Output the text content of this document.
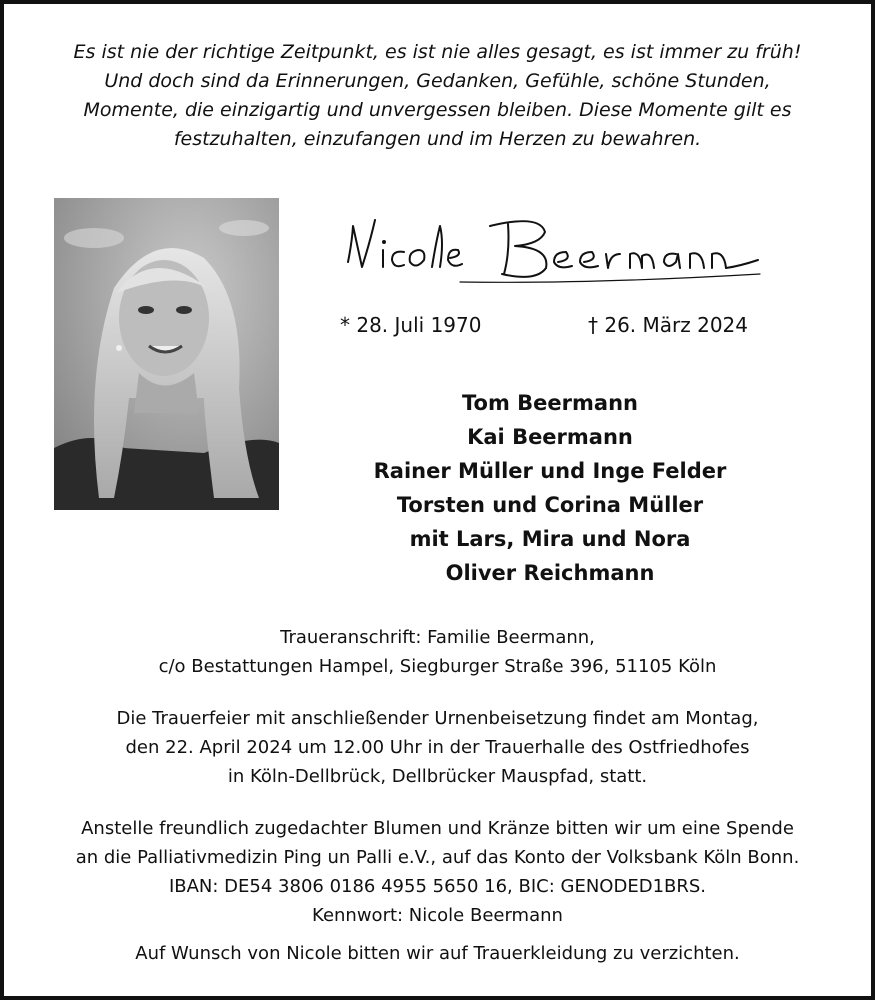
Es ist nie der richtige Zeitpunkt, es ist nie alles gesagt, es ist immer zu früh!
Und doch sind da Erinnerungen, Gedanken, Gefühle, schöne Stunden,
Momente, die einzigartig und unvergessen bleiben. Diese Momente gilt es
festzuhalten, einzufangen und im Herzen zu bewahren.
* 28. Juli 1970	† 26. März 2024
Tom Beermann
Kai Beermann
Rainer Müller und Inge Felder
Torsten und Corina Müller
mit Lars, Mira und Nora
Oliver Reichmann
Traueranschrift: Familie Beermann,
c/o Bestattungen Hampel, Siegburger Straße 396, 51105 Köln
Die Trauerfeier mit anschließender Urnenbeisetzung findet am Montag,
den 22. April 2024 um 12.00 Uhr in der Trauerhalle des Ostfriedhofes
in Köln-Dellbrück, Dellbrücker Mauspfad, statt.
Anstelle freundlich zugedachter Blumen und Kränze bitten wir um eine Spende
an die Palliativmedizin Ping un Palli e.V., auf das Konto der Volksbank Köln Bonn.
IBAN: DE54 3806 0186 4955 5650 16, BIC: GENODED1BRS.
Kennwort: Nicole Beermann
Auf Wunsch von Nicole bitten wir auf Trauerkleidung zu verzichten.
